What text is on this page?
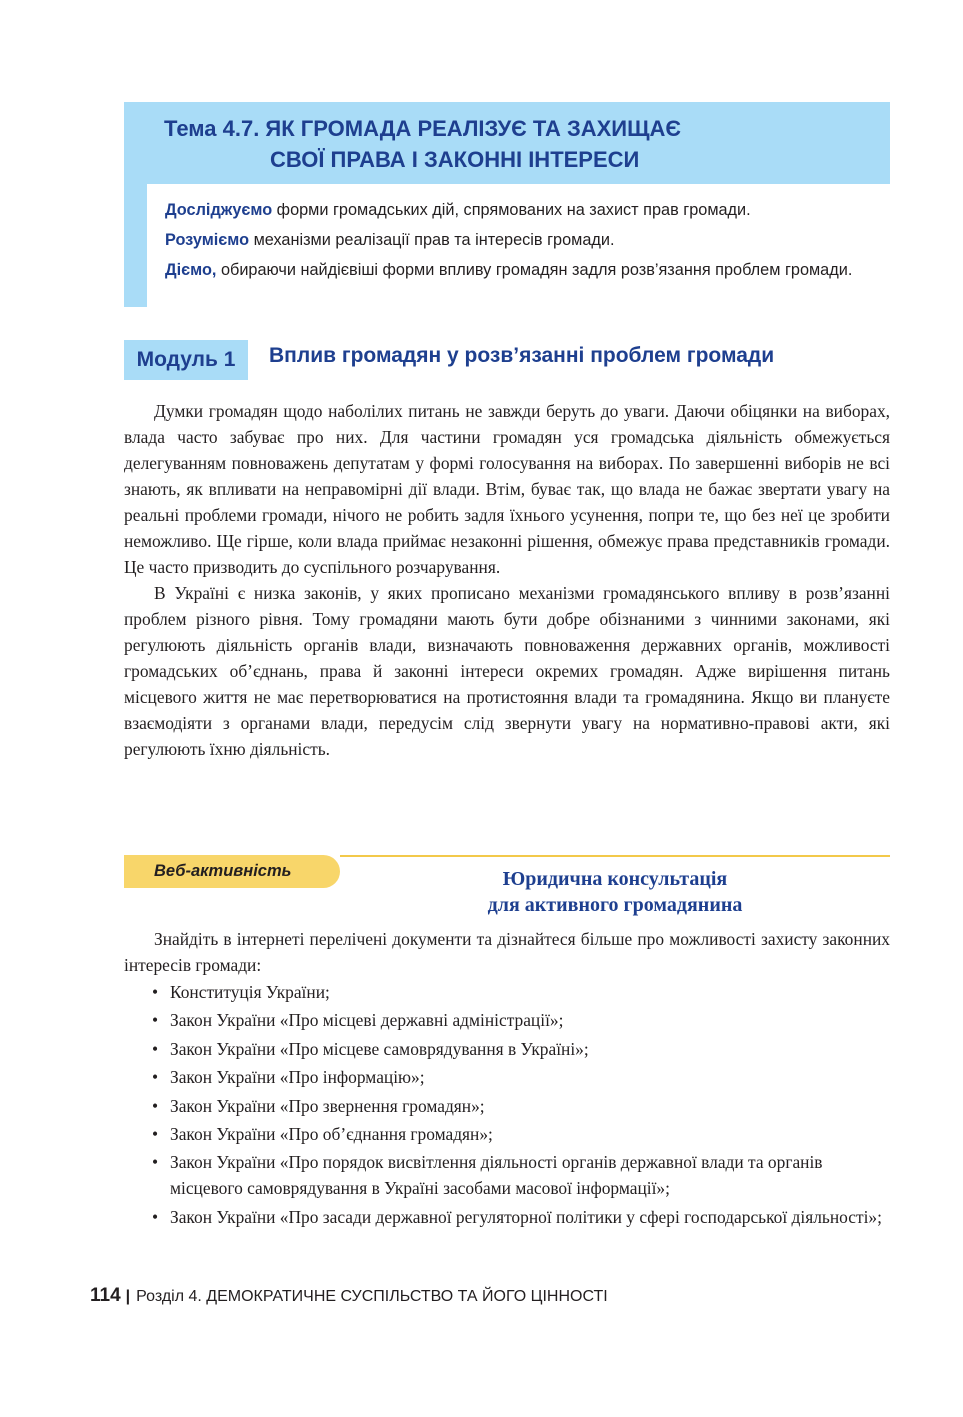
Тема 4.7. ЯК ГРОМАДА РЕАЛІЗУЄ ТА ЗАХИЩАЄ
СВОЇ ПРАВА І ЗАКОННІ ІНТЕРЕСИ

Досліджуємо форми громадських дій, спрямованих на захист прав громади.

Розуміємо механізми реалізації прав та інтересів громади.

Діємо, обираючи найдієвіші форми впливу громадян задля розв’язання проблем громади.

Модуль 1	Вплив громадян у розв’язанні проблем громади

Думки громадян щодо наболілих питань не завжди беруть до уваги. Даючи обіцянки на виборах, влада часто забуває про них. Для частини громадян уся громадська діяльність обмежується делегуванням повноважень депутатам у формі голосування на виборах. По завершенні виборів не всі знають, як впливати на неправомірні дії влади. Втім, буває так, що влада не бажає звертати увагу на реальні проблеми громади, нічого не робить задля їхнього усунення, попри те, що без неї це зробити неможливо. Ще гірше, коли влада приймає незаконні рішення, обмежує права представників громади. Це часто призводить до суспільного розчарування.

В Україні є низка законів, у яких прописано механізми громадянського впливу в розв’язанні проблем різного рівня. Тому громадяни мають бути добре обізнаними з чинними законами, які регулюють діяльність органів влади, визначають повноваження державних органів, можливості громадських об’єднань, права й законні інтереси окремих громадян. Адже вирішення питань місцевого життя не має перетворюватися на протистояння влади та громадянина. Якщо ви плануєте взаємодіяти з органами влади, передусім слід звернути увагу на нормативно-правові акти, які регулюють їхню діяльність.

Веб-активність	Юридична консультація
для активного громадянина

Знайдіть в інтернеті перелічені документи та дізнайтеся більше про можливості захисту законних інтересів громади:

• Конституція України;
• Закон України «Про місцеві державні адміністрації»;
• Закон України «Про місцеве самоврядування в Україні»;
• Закон України «Про інформацію»;
• Закон України «Про звернення громадян»;
• Закон України «Про об’єднання громадян»;
• Закон України «Про порядок висвітлення діяльності органів державної влади та органів місцевого самоврядування в Україні засобами масової інформації»;
• Закон України «Про засади державної регуляторної політики у сфері господарської діяльності»;
114 | Розділ 4. ДЕМОКРАТИЧНЕ СУСПІЛЬСТВО ТА ЙОГО ЦІННОСТІ
